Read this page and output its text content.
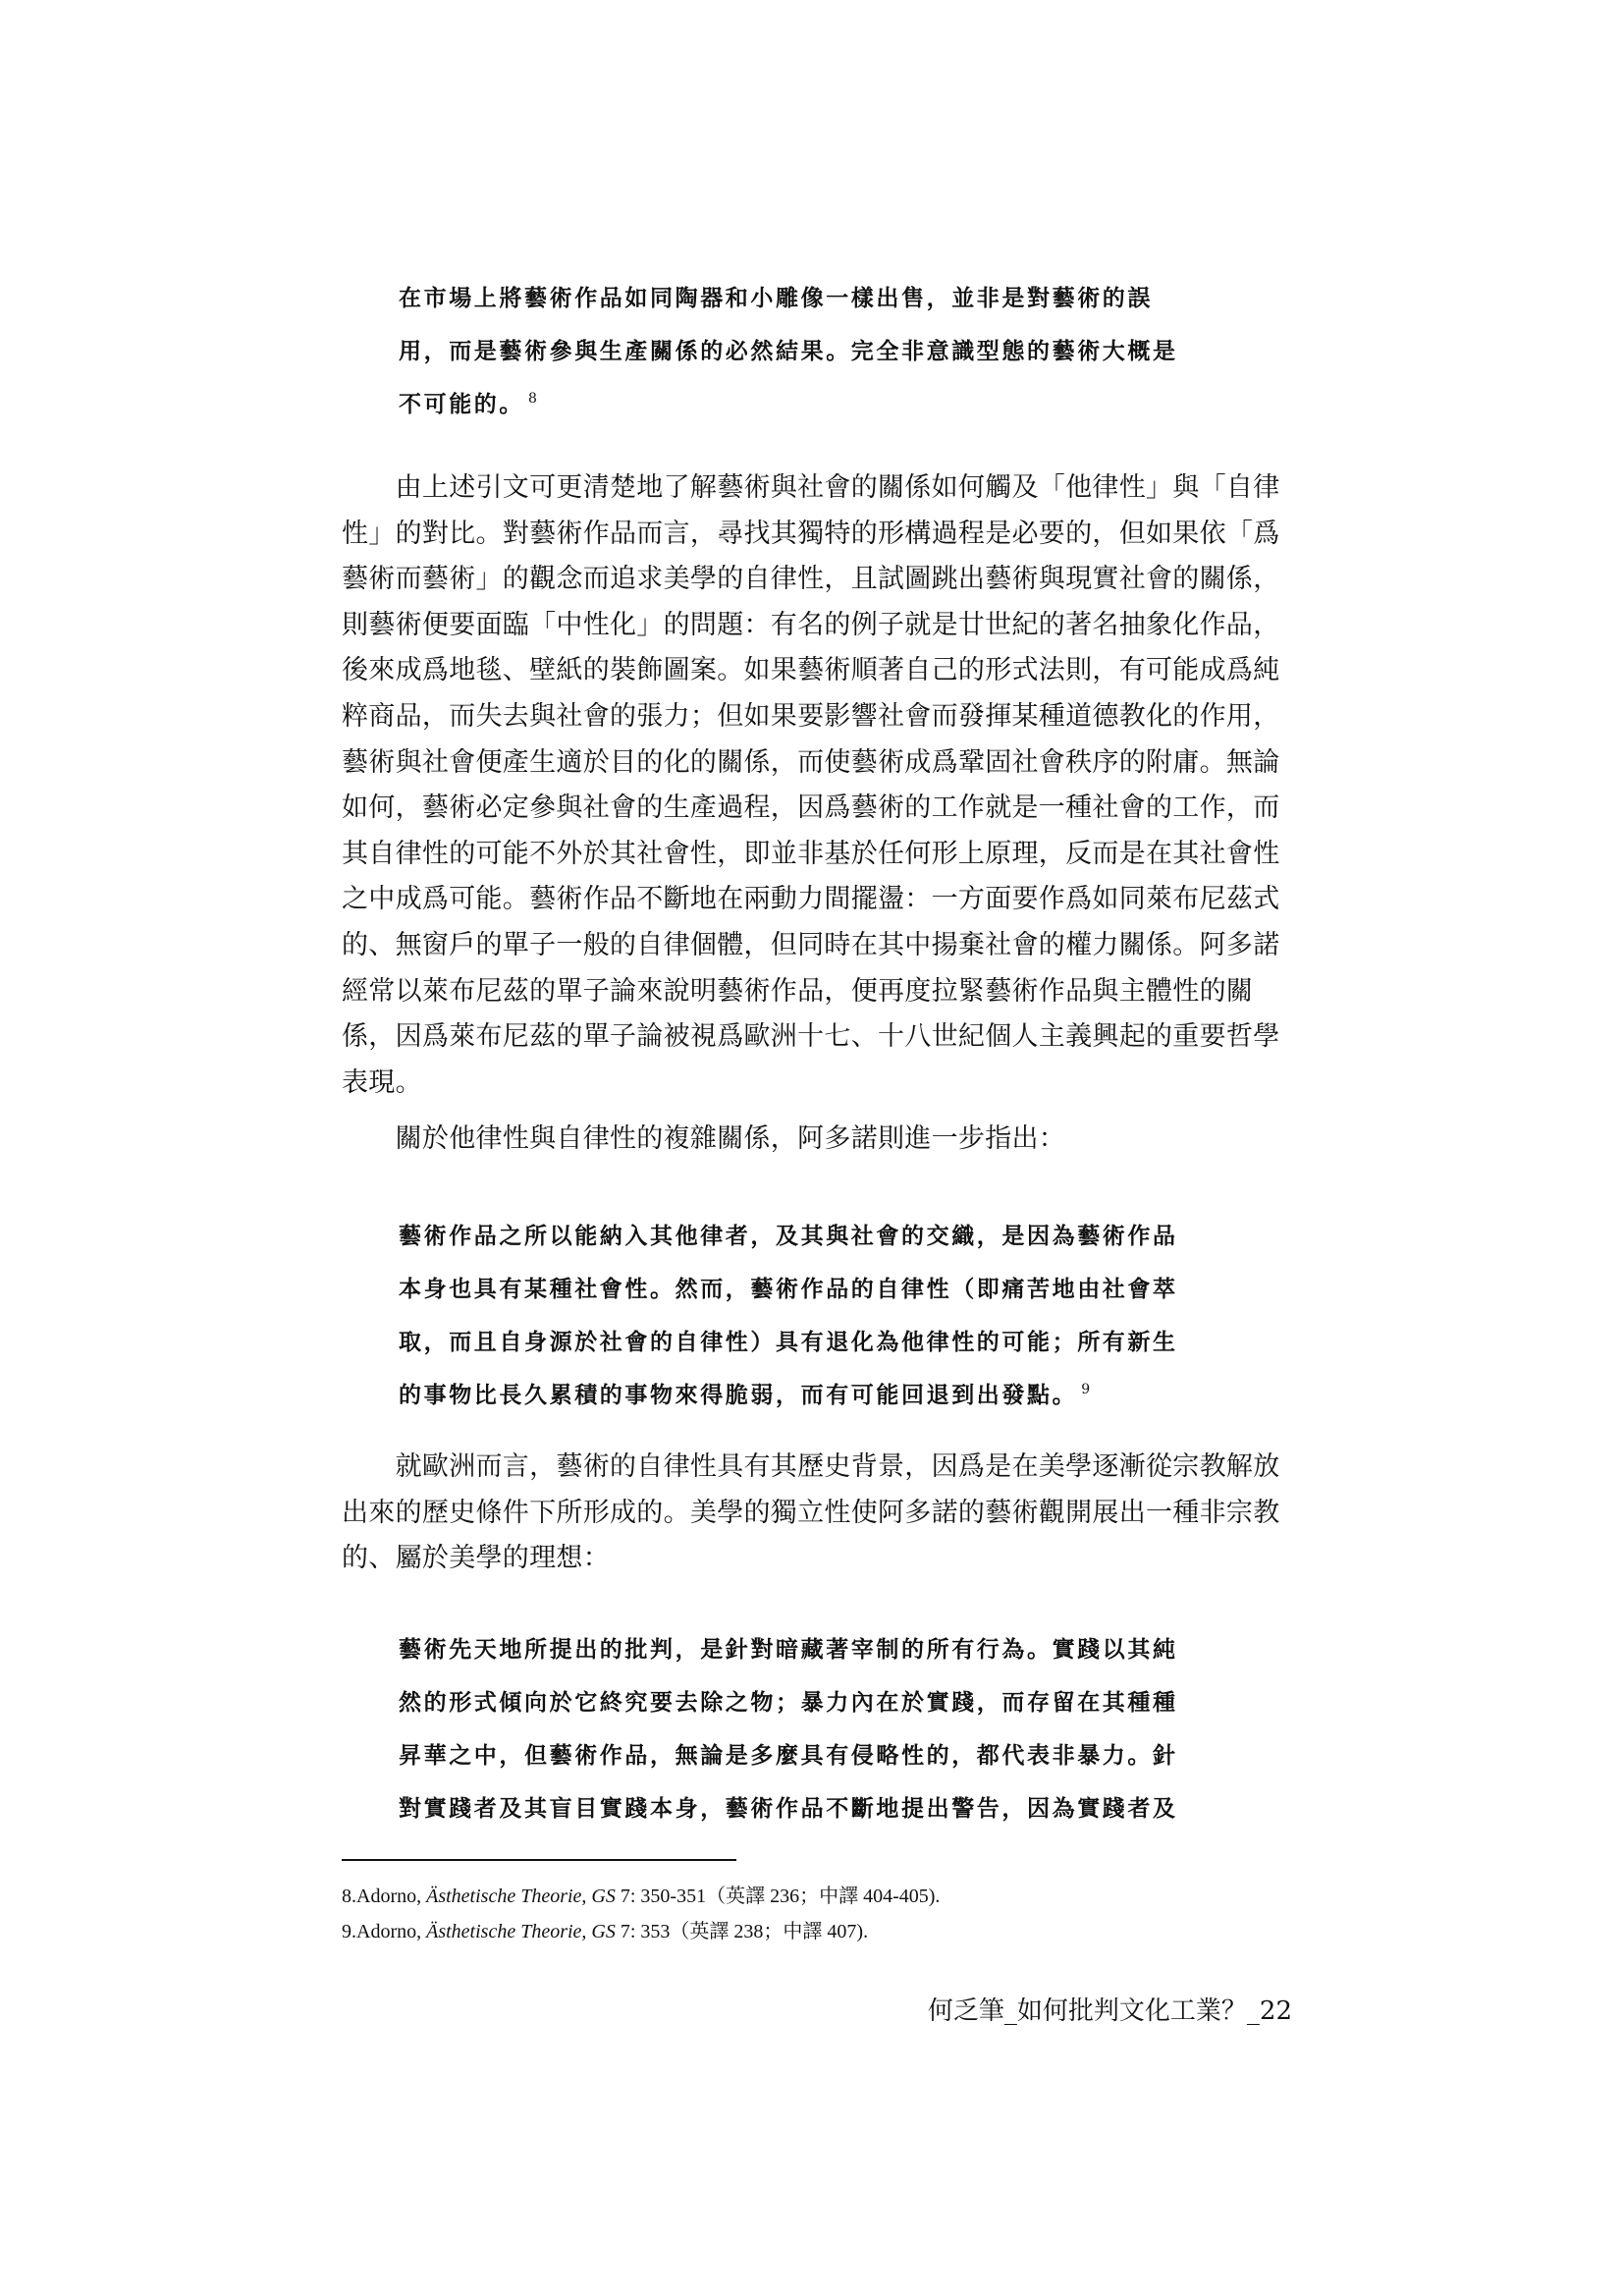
在市場上將藝術作品如同陶器和小雕像一樣出售，並非是對藝術的誤
用，而是藝術參與生產關係的必然結果。完全非意識型態的藝術大概是
不可能的。 $^8$

　　由上述引文可更清楚地了解藝術與社會的關係如何觸及「他律性」與「自律
性」的對比。對藝術作品而言，尋找其獨特的形構過程是必要的，但如果依「爲
藝術而藝術」的觀念而追求美學的自律性，且試圖跳出藝術與現實社會的關係，
則藝術便要面臨「中性化」的問題：有名的例子就是廿世紀的著名抽象化作品，
後來成爲地毯、壁紙的裝飾圖案。如果藝術順著自己的形式法則，有可能成爲純
粹商品，而失去與社會的張力；但如果要影響社會而發揮某種道德教化的作用，
藝術與社會便產生適於目的化的關係，而使藝術成爲鞏固社會秩序的附庸。無論
如何，藝術必定參與社會的生產過程，因爲藝術的工作就是一種社會的工作，而
其自律性的可能不外於其社會性，即並非基於任何形上原理，反而是在其社會性
之中成爲可能。藝術作品不斷地在兩動力間擺盪：一方面要作爲如同萊布尼茲式
的、無窗戶的單子一般的自律個體，但同時在其中揚棄社會的權力關係。阿多諾
經常以萊布尼茲的單子論來說明藝術作品，便再度拉緊藝術作品與主體性的關
係，因爲萊布尼茲的單子論被視爲歐洲十七、十八世紀個人主義興起的重要哲學
表現。

　　關於他律性與自律性的複雜關係，阿多諾則進一步指出：

藝術作品之所以能納入其他律者，及其與社會的交織，是因為藝術作品
本身也具有某種社會性。然而，藝術作品的自律性（即痛苦地由社會萃
取，而且自身源於社會的自律性）具有退化為他律性的可能；所有新生
的事物比長久累積的事物來得脆弱，而有可能回退到出發點。 $^9$

　　就歐洲而言，藝術的自律性具有其歷史背景，因爲是在美學逐漸從宗教解放
出來的歷史條件下所形成的。美學的獨立性使阿多諾的藝術觀開展出一種非宗教
的、屬於美學的理想：

藝術先天地所提出的批判，是針對暗藏著宰制的所有行為。實踐以其純
然的形式傾向於它終究要去除之物；暴力內在於實踐，而存留在其種種
昇華之中，但藝術作品，無論是多麼具有侵略性的，都代表非暴力。針
對實踐者及其盲目實踐本身，藝術作品不斷地提出警告，因為實踐者及
8.Adorno, Ästhetische Theorie, GS 7: 350-351（英譯 236；中譯 404-405).
9.Adorno, Ästhetische Theorie, GS 7: 353（英譯 238；中譯 407).
何乏筆_如何批判文化工業？_22
